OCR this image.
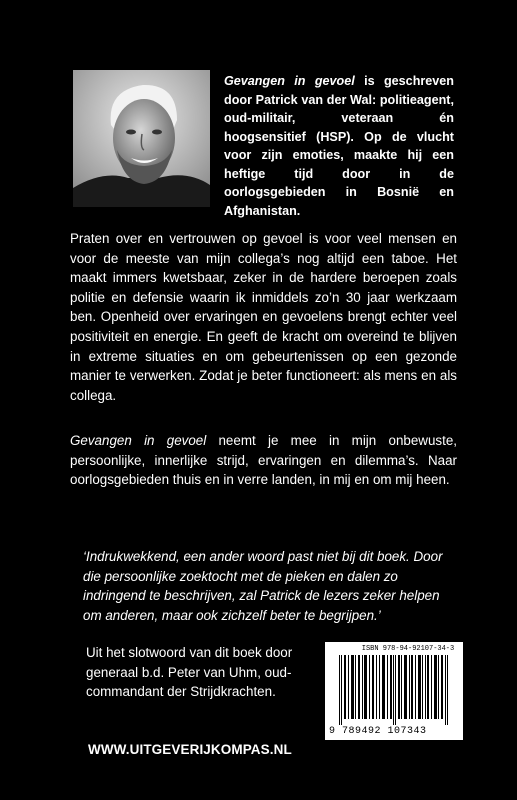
Gevangen in gevoel is geschreven door Patrick van der Wal: politieagent, oud-militair, veteraan én hoogsensitief (HSP). Op de vlucht voor zijn emoties, maakte hij een heftige tijd door in de oorlogsgebieden in Bosnië en Afghanistan.
Praten over en vertrouwen op gevoel is voor veel mensen en voor de meeste van mijn collega’s nog altijd een taboe. Het maakt immers kwetsbaar, zeker in de hardere beroepen zoals politie en defensie waarin ik inmiddels zo’n 30 jaar werkzaam ben. Openheid over ervaringen en gevoelens brengt echter veel positiviteit en energie. En geeft de kracht om overeind te blijven in extreme situaties en om gebeurtenissen op een gezonde manier te verwerken. Zodat je beter functioneert: als mens en als collega.
Gevangen in gevoel neemt je mee in mijn onbewuste, persoonlijke, innerlijke strijd, ervaringen en dilemma’s. Naar oorlogsgebieden thuis en in verre landen, in mij en om mij heen.
‘Indrukwekkend, een ander woord past niet bij dit boek. Door die persoonlijke zoektocht met de pieken en dalen zo indringend te beschrijven, zal Patrick de lezers zeker helpen om anderen, maar ook zichzelf beter te begrijpen.’
Uit het slotwoord van dit boek door generaal b.d. Peter van Uhm, oud-commandant der Strijdkrachten.
ISBN 978-94-92107-34-3
9 789492 107343
WWW.UITGEVERIJKOMPAS.NL
